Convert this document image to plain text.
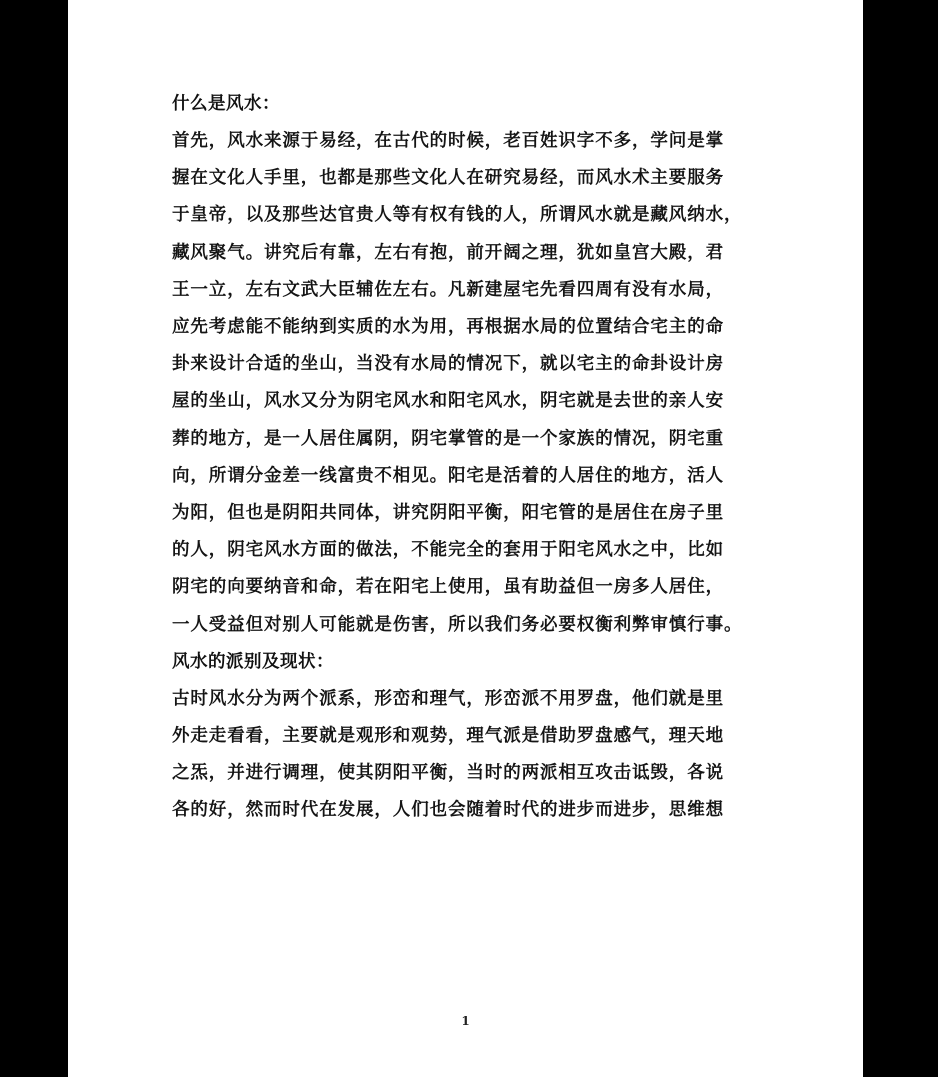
什么是风水：

首先，风水来源于易经，在古代的时候，老百姓识字不多，学问是掌
握在文化人手里，也都是那些文化人在研究易经，而风水术主要服务
于皇帝，以及那些达官贵人等有权有钱的人，所谓风水就是藏风纳水，
藏风聚气。讲究后有靠，左右有抱，前开阔之理，犹如皇宫大殿，君
王一立，左右文武大臣辅佐左右。凡新建屋宅先看四周有没有水局，
应先考虑能不能纳到实质的水为用，再根据水局的位置结合宅主的命
卦来设计合适的坐山，当没有水局的情况下，就以宅主的命卦设计房
屋的坐山，风水又分为阴宅风水和阳宅风水，阴宅就是去世的亲人安
葬的地方，是一人居住属阴，阴宅掌管的是一个家族的情况，阴宅重
向，所谓分金差一线富贵不相见。阳宅是活着的人居住的地方，活人
为阳，但也是阴阳共同体，讲究阴阳平衡，阳宅管的是居住在房子里
的人，阴宅风水方面的做法，不能完全的套用于阳宅风水之中，比如
阴宅的向要纳音和命，若在阳宅上使用，虽有助益但一房多人居住，
一人受益但对别人可能就是伤害，所以我们务必要权衡利弊审慎行事。

风水的派别及现状：

古时风水分为两个派系，形峦和理气，形峦派不用罗盘，他们就是里
外走走看看，主要就是观形和观势，理气派是借助罗盘感气，理天地
之炁，并进行调理，使其阴阳平衡，当时的两派相互攻击诋毁，各说
各的好，然而时代在发展，人们也会随着时代的进步而进步，思维想

1
